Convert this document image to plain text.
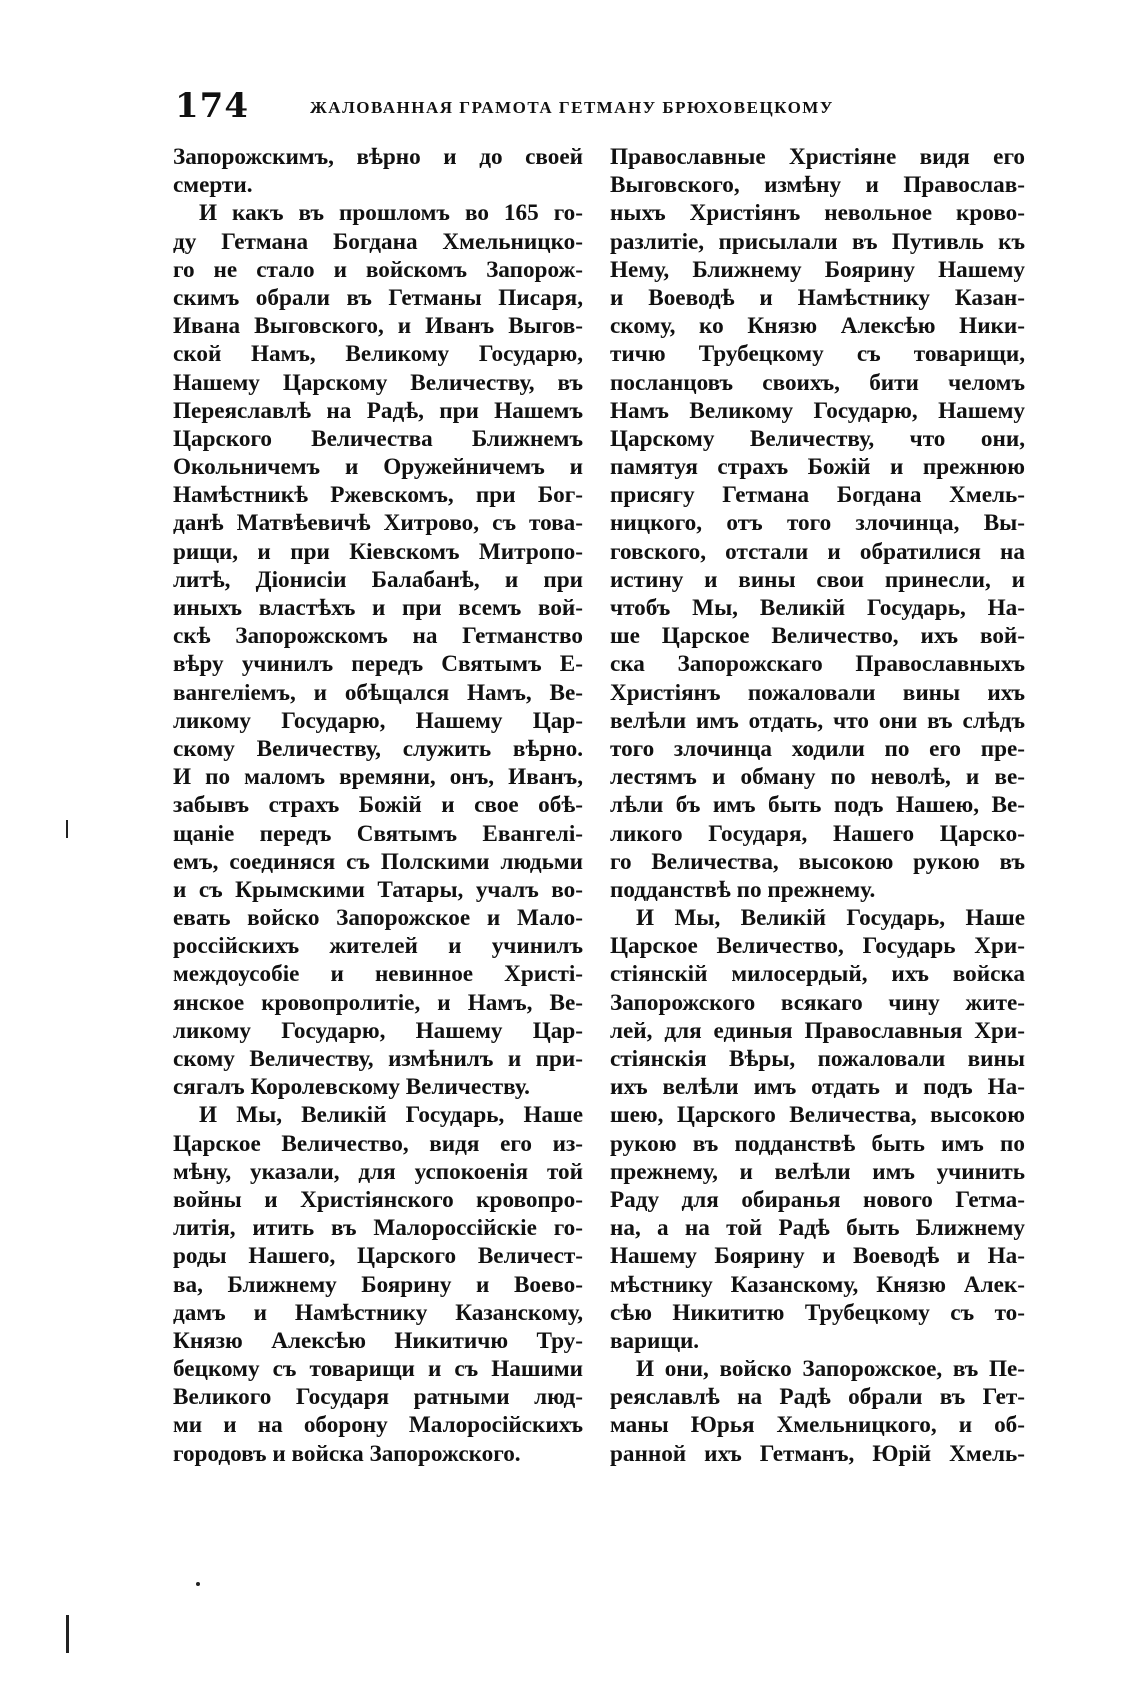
174	ЖАЛОВАННАЯ ГРАМОТА ГЕТМАНУ БРЮХОВЕЦКОМУ
Запорожскимъ, вѣрно и до своей
смерти.
И какъ въ прошломъ во 165 го-
ду Гетмана Богдана Хмельницко-
го не стало и войскомъ Запорож-
скимъ обрали въ Гетманы Писаря,
Ивана Выговского, и Иванъ Выгов-
ской Намъ, Великому Государю,
Нашему Царскому Величеству, въ
Переяславлѣ на Радѣ, при Нашемъ
Царского Величества Ближнемъ
Окольничемъ и Оружейничемъ и
Намѣстникѣ Ржевскомъ, при Бог-
данѣ Матвѣевичѣ Хитрово, съ това-
рищи, и при Кіевскомъ Митропо-
литѣ, Діонисіи Балабанѣ, и при
иныхъ властѣхъ и при всемъ вой-
скѣ Запорожскомъ на Гетманство
вѣру учинилъ передъ Святымъ Е-
вангеліемъ, и обѣщался Намъ, Ве-
ликому Государю, Нашему Цар-
скому Величеству, служить вѣрно.
И по маломъ времяни, онъ, Иванъ,
забывъ страхъ Божій и свое обѣ-
щаніе передъ Святымъ Евангелі-
емъ, соединяся съ Полскими людьми
и съ Крымскими Татары, учалъ во-
евать войско Запорожское и Мало-
россійскихъ жителей и учинилъ
междоусобіе и невинное Христі-
янское кровопролитіе, и Намъ, Ве-
ликому Государю, Нашему Цар-
скому Величеству, измѣнилъ и при-
сягалъ Королевскому Величеству.
И Мы, Великій Государь, Наше
Царское Величество, видя его из-
мѣну, указали, для успокоенія той
войны и Христіянского кровопро-
литія, итить въ Малороссійскіе го-
роды Нашего, Царского Величест-
ва, Ближнему Боярину и Воево-
дамъ и Намѣстнику Казанскому,
Князю Алексѣю Никитичю Тру-
бецкому съ товарищи и съ Нашими
Великого Государя ратными люд-
ми и на оборону Малоросійскихъ
городовъ и войска Запорожского.
Православные Христіяне видя его
Выговского, измѣну и Православ-
ныхъ Христіянъ невольное крово-
разлитіе, присылали въ Путивль къ
Нему, Ближнему Боярину Нашему
и Воеводѣ и Намѣстнику Казан-
скому, ко Князю Алексѣю Ники-
тичю Трубецкому съ товарищи,
посланцовъ своихъ, бити челомъ
Намъ Великому Государю, Нашему
Царскому Величеству, что они,
памятуя страхъ Божій и прежнюю
присягу Гетмана Богдана Хмель-
ницкого, отъ того злочинца, Вы-
говского, отстали и обратилися на
истину и вины свои принесли, и
чтобъ Мы, Великій Государь, На-
ше Царское Величество, ихъ вой-
ска Запорожскаго Православныхъ
Христіянъ пожаловали вины ихъ
велѣли имъ отдать, что они въ слѣдъ
того злочинца ходили по его пре-
лестямъ и обману по неволѣ, и ве-
лѣли бъ имъ быть подъ Нашею, Ве-
ликого Государя, Нашего Царско-
го Величества, высокою рукою въ
подданствѣ по прежнему.
И Мы, Великій Государь, Наше
Царское Величество, Государь Хри-
стіянскій милосердый, ихъ войска
Запорожского всякаго чину жите-
лей, для единыя Православныя Хри-
стіянскія Вѣры, пожаловали вины
ихъ велѣли имъ отдать и подъ На-
шею, Царского Величества, высокою
рукою въ подданствѣ быть имъ по
прежнему, и велѣли имъ учинить
Раду для обиранья нового Гетма-
на, а на той Радѣ быть Ближнему
Нашему Боярину и Воеводѣ и На-
мѣстнику Казанскому, Князю Алек-
сѣю Никититю Трубецкому съ то-
варищи.
И они, войско Запорожское, въ Пе-
реяславлѣ на Радѣ обрали въ Гет-
маны Юрья Хмельницкого, и об-
ранной ихъ Гетманъ, Юрій Хмель-
